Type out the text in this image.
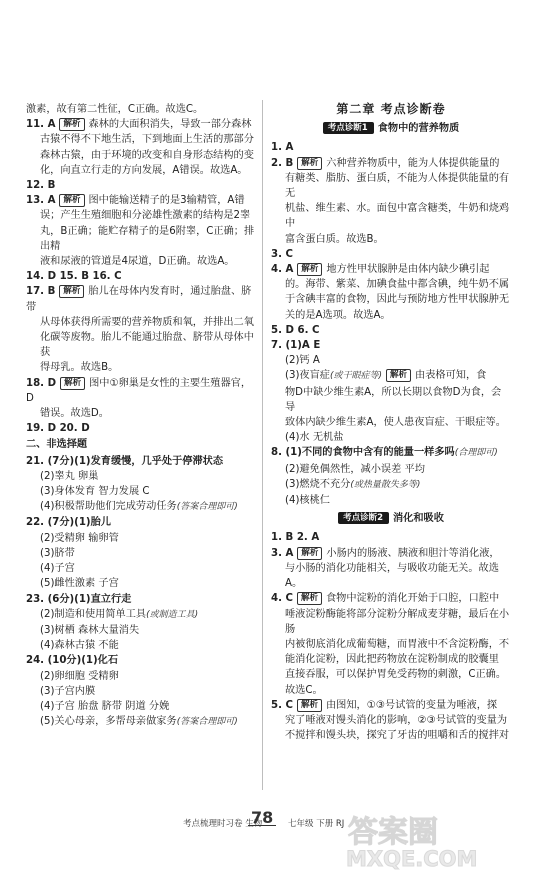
激素，故有第二性征，C正确。故选C。

11. A 解析 森林的大面积消失，导致一部分森林

古猿不得不下地生活，下到地面上生活的那部分

森林古猿，由于环境的改变和自身形态结构的变

化，向直立行走的方向发展，A错误。故选A。

12. B

13. A 解析 图中能输送精子的是3输精管，A错

误；产生生殖细胞和分泌雄性激素的结构是2睾

丸，B正确；能贮存精子的是6附睾，C正确；排出精

液和尿液的管道是4尿道，D正确。故选A。

14. D 15. B 16. C

17. B 解析 胎儿在母体内发育时，通过胎盘、脐带

从母体获得所需要的营养物质和氧，并排出二氧

化碳等废物。胎儿不能通过胎盘、脐带从母体中获

得母乳。故选B。

18. D 解析 图中①卵巢是女性的主要生殖器官，D

错误。故选D。

19. D 20. D

二、非选择题

21. (7分)(1)发育缓慢，几乎处于停滞状态

(2)睾丸 卵巢

(3)身体发育 智力发展 C

(4)积极帮助他们完成劳动任务(答案合理即可)

22. (7分)(1)胎儿

(2)受精卵 输卵管

(3)脐带

(4)子宫

(5)雌性激素 子宫

23. (6分)(1)直立行走

(2)制造和使用简单工具(或制造工具)

(3)树栖 森林大量消失

(4)森林古猿 不能

24. (10分)(1)化石

(2)卵细胞 受精卵

(3)子宫内膜

(4)子宫 胎盘 脐带 阴道 分娩

(5)关心母亲，多帮母亲做家务(答案合理即可)

第二章 考点诊断卷

考点诊断1 食物中的营养物质

1. A

2. B 解析 六种营养物质中，能为人体提供能量的

有糖类、脂肪、蛋白质，不能为人体提供能量的有无

机盐、维生素、水。面包中富含糖类，牛奶和烧鸡中

富含蛋白质。故选B。

3. C

4. A 解析 地方性甲状腺肿是由体内缺少碘引起

的。海带、紫菜、加碘食盐中都含碘，纯牛奶不属

于含碘丰富的食物，因此与预防地方性甲状腺肿无

关的是A选项。故选A。

5. D 6. C

7. (1)A E

(2)钙 A

(3)夜盲症(或干眼症等) 解析 由表格可知，食

物D中缺少维生素A，所以长期以食物D为食，会导

致体内缺少维生素A，使人患夜盲症、干眼症等。

(4)水 无机盐

8. (1)不同的食物中含有的能量一样多吗(合理即可)

(2)避免偶然性，减小误差 平均

(3)燃烧不充分(或热量散失多等)

(4)核桃仁

考点诊断2 消化和吸收

1. B 2. A

3. A 解析 小肠内的肠液、胰液和胆汁等消化液，

与小肠的消化功能相关，与吸收功能无关。故选A。

4. C 解析 食物中淀粉的消化开始于口腔，口腔中

唾液淀粉酶能将部分淀粉分解成麦芽糖，最后在小肠

内被彻底消化成葡萄糖，而胃液中不含淀粉酶，不

能消化淀粉，因此把药物放在淀粉制成的胶囊里

直接吞服，可以保护胃免受药物的刺激，C正确。

故选C。

5. C 解析 由图知，①③号试管的变量为唾液，探

究了唾液对馒头消化的影响，②③号试管的变量为

不搅拌和馒头块，探究了牙齿的咀嚼和舌的搅拌对

考点梳理时习卷 生物
78	七年级 下册 RJ 答案圈
MXQE.COM
